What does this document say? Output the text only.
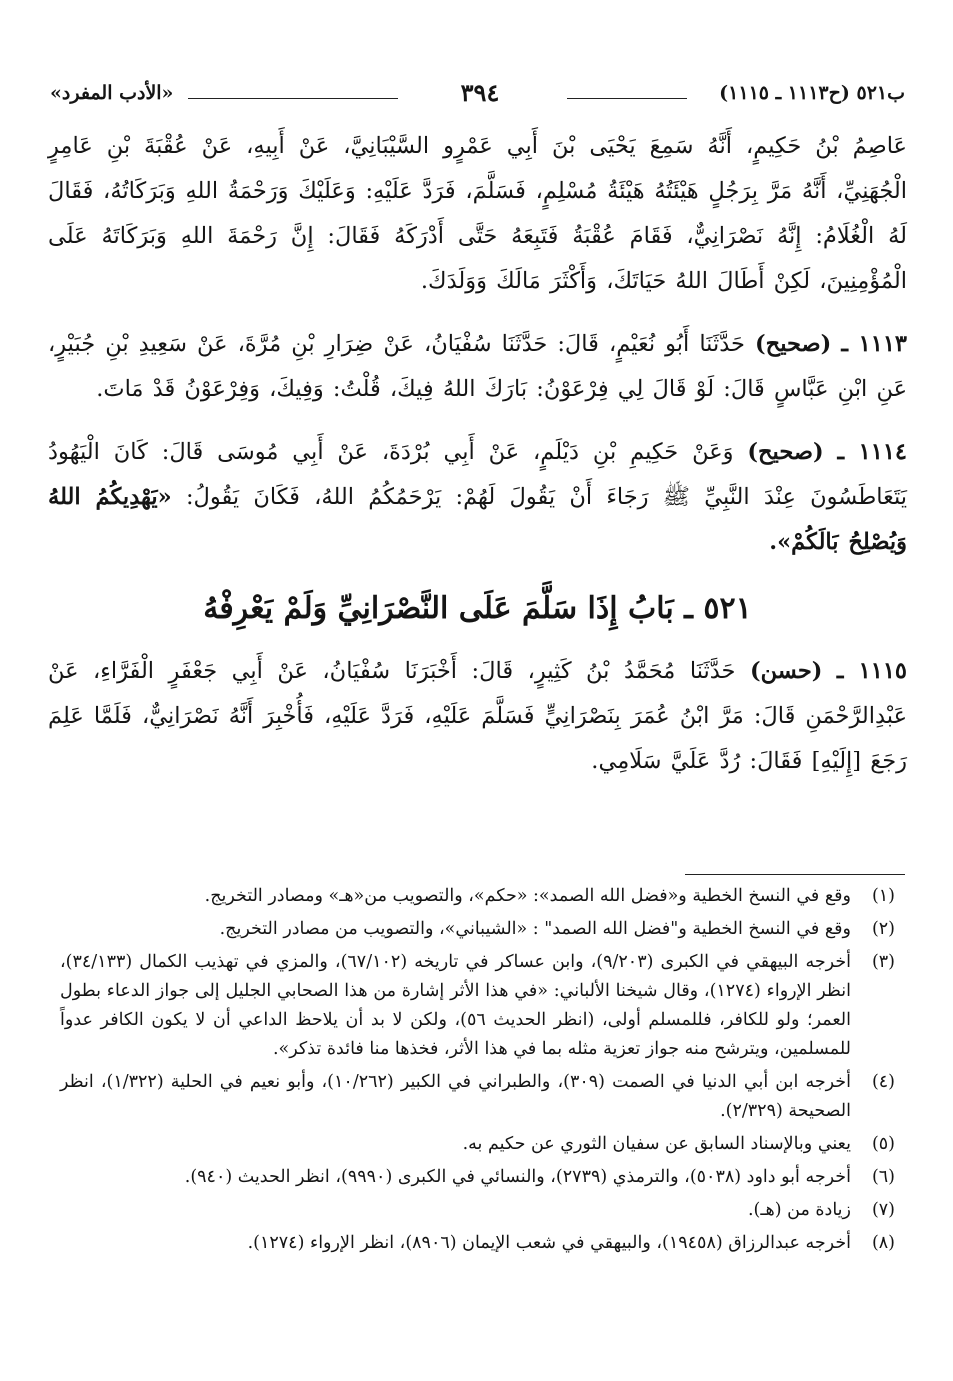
ب٥٢١ (ح١١١٣ ـ ١١١٥)
٣٩٤
«الأدب المفرد»

عَاصِمُ بْنُ حَكِيمٍ، أَنَّهُ سَمِعَ يَحْيَى بْنَ أَبِي عَمْرٍو السَّيْبَانِيَّ، عَنْ أَبِيهِ، عَنْ عُقْبَةَ بْنِ عَامِرٍ الْجُهَنِيِّ، أَنَّهُ مَرَّ بِرَجُلٍ هَيْئَتُهُ هَيْئَةُ مُسْلِمٍ، فَسَلَّمَ، فَرَدَّ عَلَيْهِ: وَعَلَيْكَ وَرَحْمَةُ اللهِ وَبَرَكَاتُهُ، فَقَالَ لَهُ الْغُلَامُ: إِنَّهُ نَصْرَانِيٌّ، فَقَامَ عُقْبَةُ فَتَبِعَهُ حَتَّى أَدْرَكَهُ فَقَالَ: إِنَّ رَحْمَةَ اللهِ وَبَرَكَاتَهُ عَلَى الْمُؤْمِنِينَ، لَكِنْ أَطَالَ اللهُ حَيَاتَكَ، وَأَكْثَرَ مَالَكَ وَوَلَدَكَ.

١١١٣ ـ (صحيح) حَدَّثَنَا أَبُو نُعَيْمٍ، قَالَ: حَدَّثَنَا سُفْيَانُ، عَنْ ضِرَارِ بْنِ مُرَّةَ، عَنْ سَعِيدِ بْنِ جُبَيْرٍ، عَنِ ابْنِ عَبَّاسٍ قَالَ: لَوْ قَالَ لِي فِرْعَوْنُ: بَارَكَ اللهُ فِيكَ، قُلْتُ: وَفِيكَ، وَفِرْعَوْنُ قَدْ مَاتَ.

١١١٤ ـ (صحيح) وَعَنْ حَكِيمِ بْنِ دَيْلَمٍ، عَنْ أَبِي بُرْدَةَ، عَنْ أَبِي مُوسَى قَالَ: كَانَ الْيَهُودُ يَتَعَاطَسُونَ عِنْدَ النَّبِيِّ ﷺ رَجَاءَ أَنْ يَقُولَ لَهُمْ: يَرْحَمُكُمُ اللهُ، فَكَانَ يَقُولُ: «يَهْدِيكُمُ اللهُ وَيُصْلِحُ بَالَكُمْ».

٥٢١ ـ بَابُ إِذَا سَلَّمَ عَلَى النَّصْرَانِيِّ وَلَمْ يَعْرِفْهُ

١١١٥ ـ (حسن) حَدَّثَنَا مُحَمَّدُ بْنُ كَثِيرٍ، قَالَ: أَخْبَرَنَا سُفْيَانُ، عَنْ أَبِي جَعْفَرٍ الْفَرَّاءِ، عَنْ عَبْدِالرَّحْمَنِ قَالَ: مَرَّ ابْنُ عُمَرَ بِنَصْرَانِيٍّ فَسَلَّمَ عَلَيْهِ، فَرَدَّ عَلَيْهِ، فَأُخْبِرَ أَنَّهُ نَصْرَانِيٌّ، فَلَمَّا عَلِمَ رَجَعَ [إِلَيْهِ] فَقَالَ: رُدَّ عَلَيَّ سَلَامِي.

(١)
وقع في النسخ الخطية و«فضل الله الصمد»: «حكم»، والتصويب من«هـ» ومصادر التخريج.
(٢)
وقع في النسخ الخطية و"فضل الله الصمد" : «الشيباني»، والتصويب من مصادر التخريج.
(٣)
أخرجه البيهقي في الكبرى (٩/٢٠٣)، وابن عساكر في تاريخه (٦٧/١٠٢)، والمزي في تهذيب الكمال (٣٤/١٣٣)، انظر الإرواء (١٢٧٤)، وقال شيخنا الألباني: «في هذا الأثر إشارة من هذا الصحابي الجليل إلى جواز الدعاء بطول العمر؛ ولو للكافر، فللمسلم أولى، (انظر الحديث ٥٦)، ولكن لا بد أن يلاحظ الداعي أن لا يكون الكافر عدواً للمسلمين، ويترشح منه جواز تعزية مثله بما في هذا الأثر، فخذها منا فائدة تذكر».
(٤)
أخرجه ابن أبي الدنيا في الصمت (٣٠٩)، والطبراني في الكبير (١٠/٢٦٢)، وأبو نعيم في الحلية (١/٣٢٢)، انظر الصحيحة (٢/٣٢٩).
(٥)
يعني وبالإسناد السابق عن سفيان الثوري عن حكيم به.
(٦)
أخرجه أبو داود (٥٠٣٨)، والترمذي (٢٧٣٩)، والنسائي في الكبرى (٩٩٩٠)، انظر الحديث (٩٤٠).
(٧)
زيادة من (هـ).
(٨)
أخرجه عبدالرزاق (١٩٤٥٨)، والبيهقي في شعب الإيمان (٨٩٠٦)، انظر الإرواء (١٢٧٤).
